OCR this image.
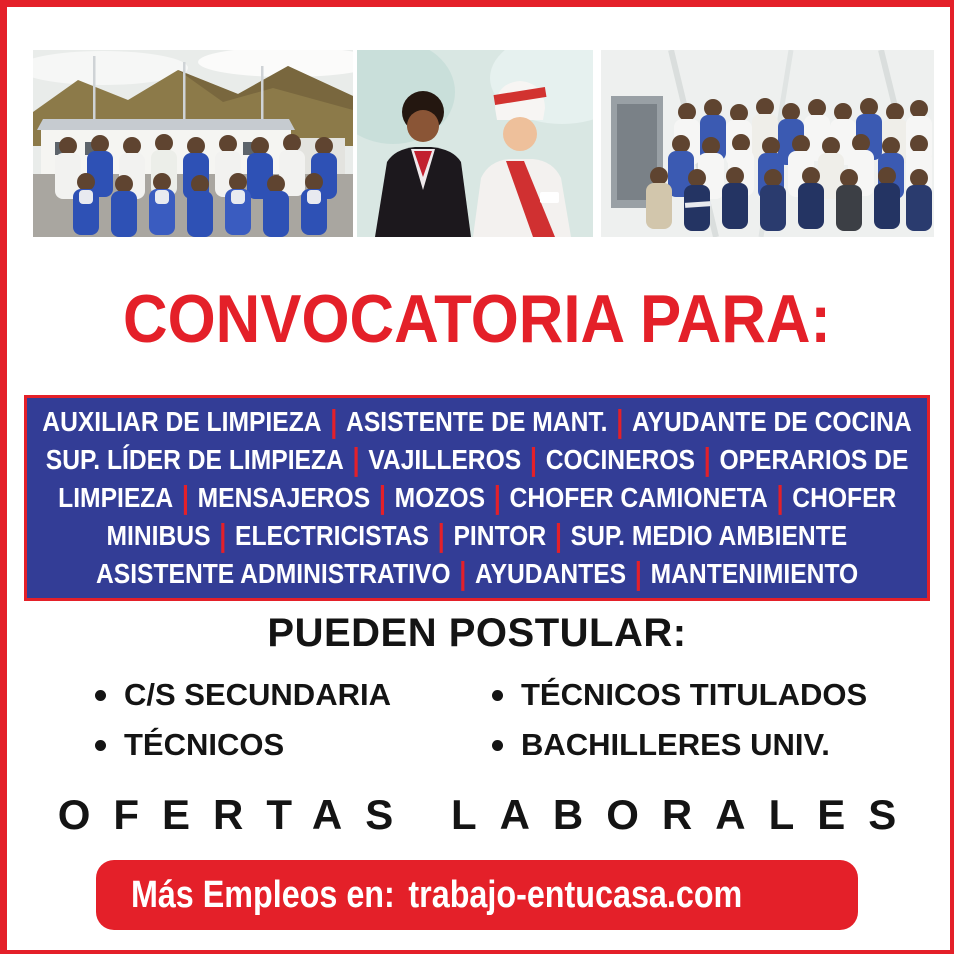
CONVOCATORIA PARA:
AUXILIAR DE LIMPIEZA | ASISTENTE DE MANT. | AYUDANTE DE COCINA
SUP. LÍDER DE LIMPIEZA | VAJILLEROS | COCINEROS | OPERARIOS DE
LIMPIEZA | MENSAJEROS | MOZOS | CHOFER CAMIONETA | CHOFER
MINIBUS | ELECTRICISTAS | PINTOR | SUP. MEDIO AMBIENTE
ASISTENTE ADMINISTRATIVO | AYUDANTES | MANTENIMIENTO
PUEDEN POSTULAR:
C/S SECUNDARIA
TÉCNICOS
TÉCNICOS TITULADOS
BACHILLERES UNIV.
OFERTAS LABORALES
Más Empleos en: trabajo-entucasa.com
